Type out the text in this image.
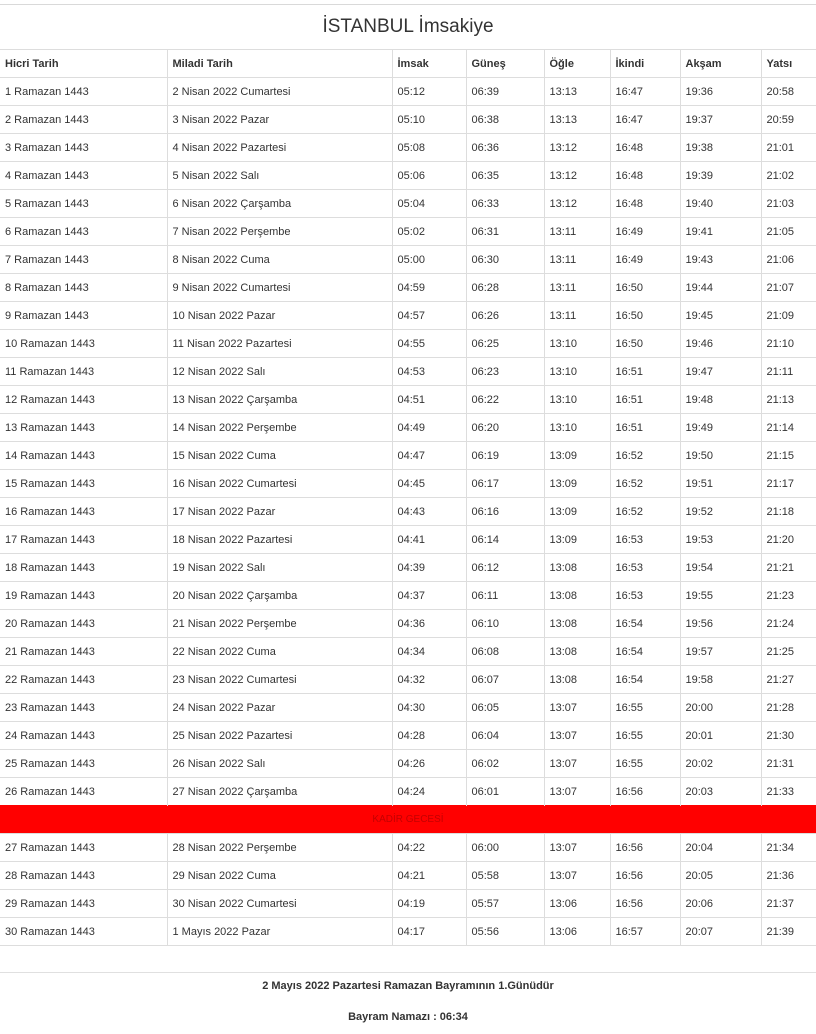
İSTANBUL İmsakiye
Hicri Tarih	Miladi Tarih	İmsak	Güneş	Öğle	İkindi	Akşam	Yatsı
1 Ramazan 1443	2 Nisan 2022 Cumartesi	05:12	06:39	13:13	16:47	19:36	20:58
2 Ramazan 1443	3 Nisan 2022 Pazar	05:10	06:38	13:13	16:47	19:37	20:59
3 Ramazan 1443	4 Nisan 2022 Pazartesi	05:08	06:36	13:12	16:48	19:38	21:01
4 Ramazan 1443	5 Nisan 2022 Salı	05:06	06:35	13:12	16:48	19:39	21:02
5 Ramazan 1443	6 Nisan 2022 Çarşamba	05:04	06:33	13:12	16:48	19:40	21:03
6 Ramazan 1443	7 Nisan 2022 Perşembe	05:02	06:31	13:11	16:49	19:41	21:05
7 Ramazan 1443	8 Nisan 2022 Cuma	05:00	06:30	13:11	16:49	19:43	21:06
8 Ramazan 1443	9 Nisan 2022 Cumartesi	04:59	06:28	13:11	16:50	19:44	21:07
9 Ramazan 1443	10 Nisan 2022 Pazar	04:57	06:26	13:11	16:50	19:45	21:09
10 Ramazan 1443	11 Nisan 2022 Pazartesi	04:55	06:25	13:10	16:50	19:46	21:10
11 Ramazan 1443	12 Nisan 2022 Salı	04:53	06:23	13:10	16:51	19:47	21:11
12 Ramazan 1443	13 Nisan 2022 Çarşamba	04:51	06:22	13:10	16:51	19:48	21:13
13 Ramazan 1443	14 Nisan 2022 Perşembe	04:49	06:20	13:10	16:51	19:49	21:14
14 Ramazan 1443	15 Nisan 2022 Cuma	04:47	06:19	13:09	16:52	19:50	21:15
15 Ramazan 1443	16 Nisan 2022 Cumartesi	04:45	06:17	13:09	16:52	19:51	21:17
16 Ramazan 1443	17 Nisan 2022 Pazar	04:43	06:16	13:09	16:52	19:52	21:18
17 Ramazan 1443	18 Nisan 2022 Pazartesi	04:41	06:14	13:09	16:53	19:53	21:20
18 Ramazan 1443	19 Nisan 2022 Salı	04:39	06:12	13:08	16:53	19:54	21:21
19 Ramazan 1443	20 Nisan 2022 Çarşamba	04:37	06:11	13:08	16:53	19:55	21:23
20 Ramazan 1443	21 Nisan 2022 Perşembe	04:36	06:10	13:08	16:54	19:56	21:24
21 Ramazan 1443	22 Nisan 2022 Cuma	04:34	06:08	13:08	16:54	19:57	21:25
22 Ramazan 1443	23 Nisan 2022 Cumartesi	04:32	06:07	13:08	16:54	19:58	21:27
23 Ramazan 1443	24 Nisan 2022 Pazar	04:30	06:05	13:07	16:55	20:00	21:28
24 Ramazan 1443	25 Nisan 2022 Pazartesi	04:28	06:04	13:07	16:55	20:01	21:30
25 Ramazan 1443	26 Nisan 2022 Salı	04:26	06:02	13:07	16:55	20:02	21:31
26 Ramazan 1443	27 Nisan 2022 Çarşamba	04:24	06:01	13:07	16:56	20:03	21:33
KADİR GECESİ							
27 Ramazan 1443	28 Nisan 2022 Perşembe	04:22	06:00	13:07	16:56	20:04	21:34
28 Ramazan 1443	29 Nisan 2022 Cuma	04:21	05:58	13:07	16:56	20:05	21:36
29 Ramazan 1443	30 Nisan 2022 Cumartesi	04:19	05:57	13:06	16:56	20:06	21:37
30 Ramazan 1443	1 Mayıs 2022 Pazar	04:17	05:56	13:06	16:57	20:07	21:39
2 Mayıs 2022 Pazartesi Ramazan Bayramının 1.Günüdür
Bayram Namazı : 06:34
